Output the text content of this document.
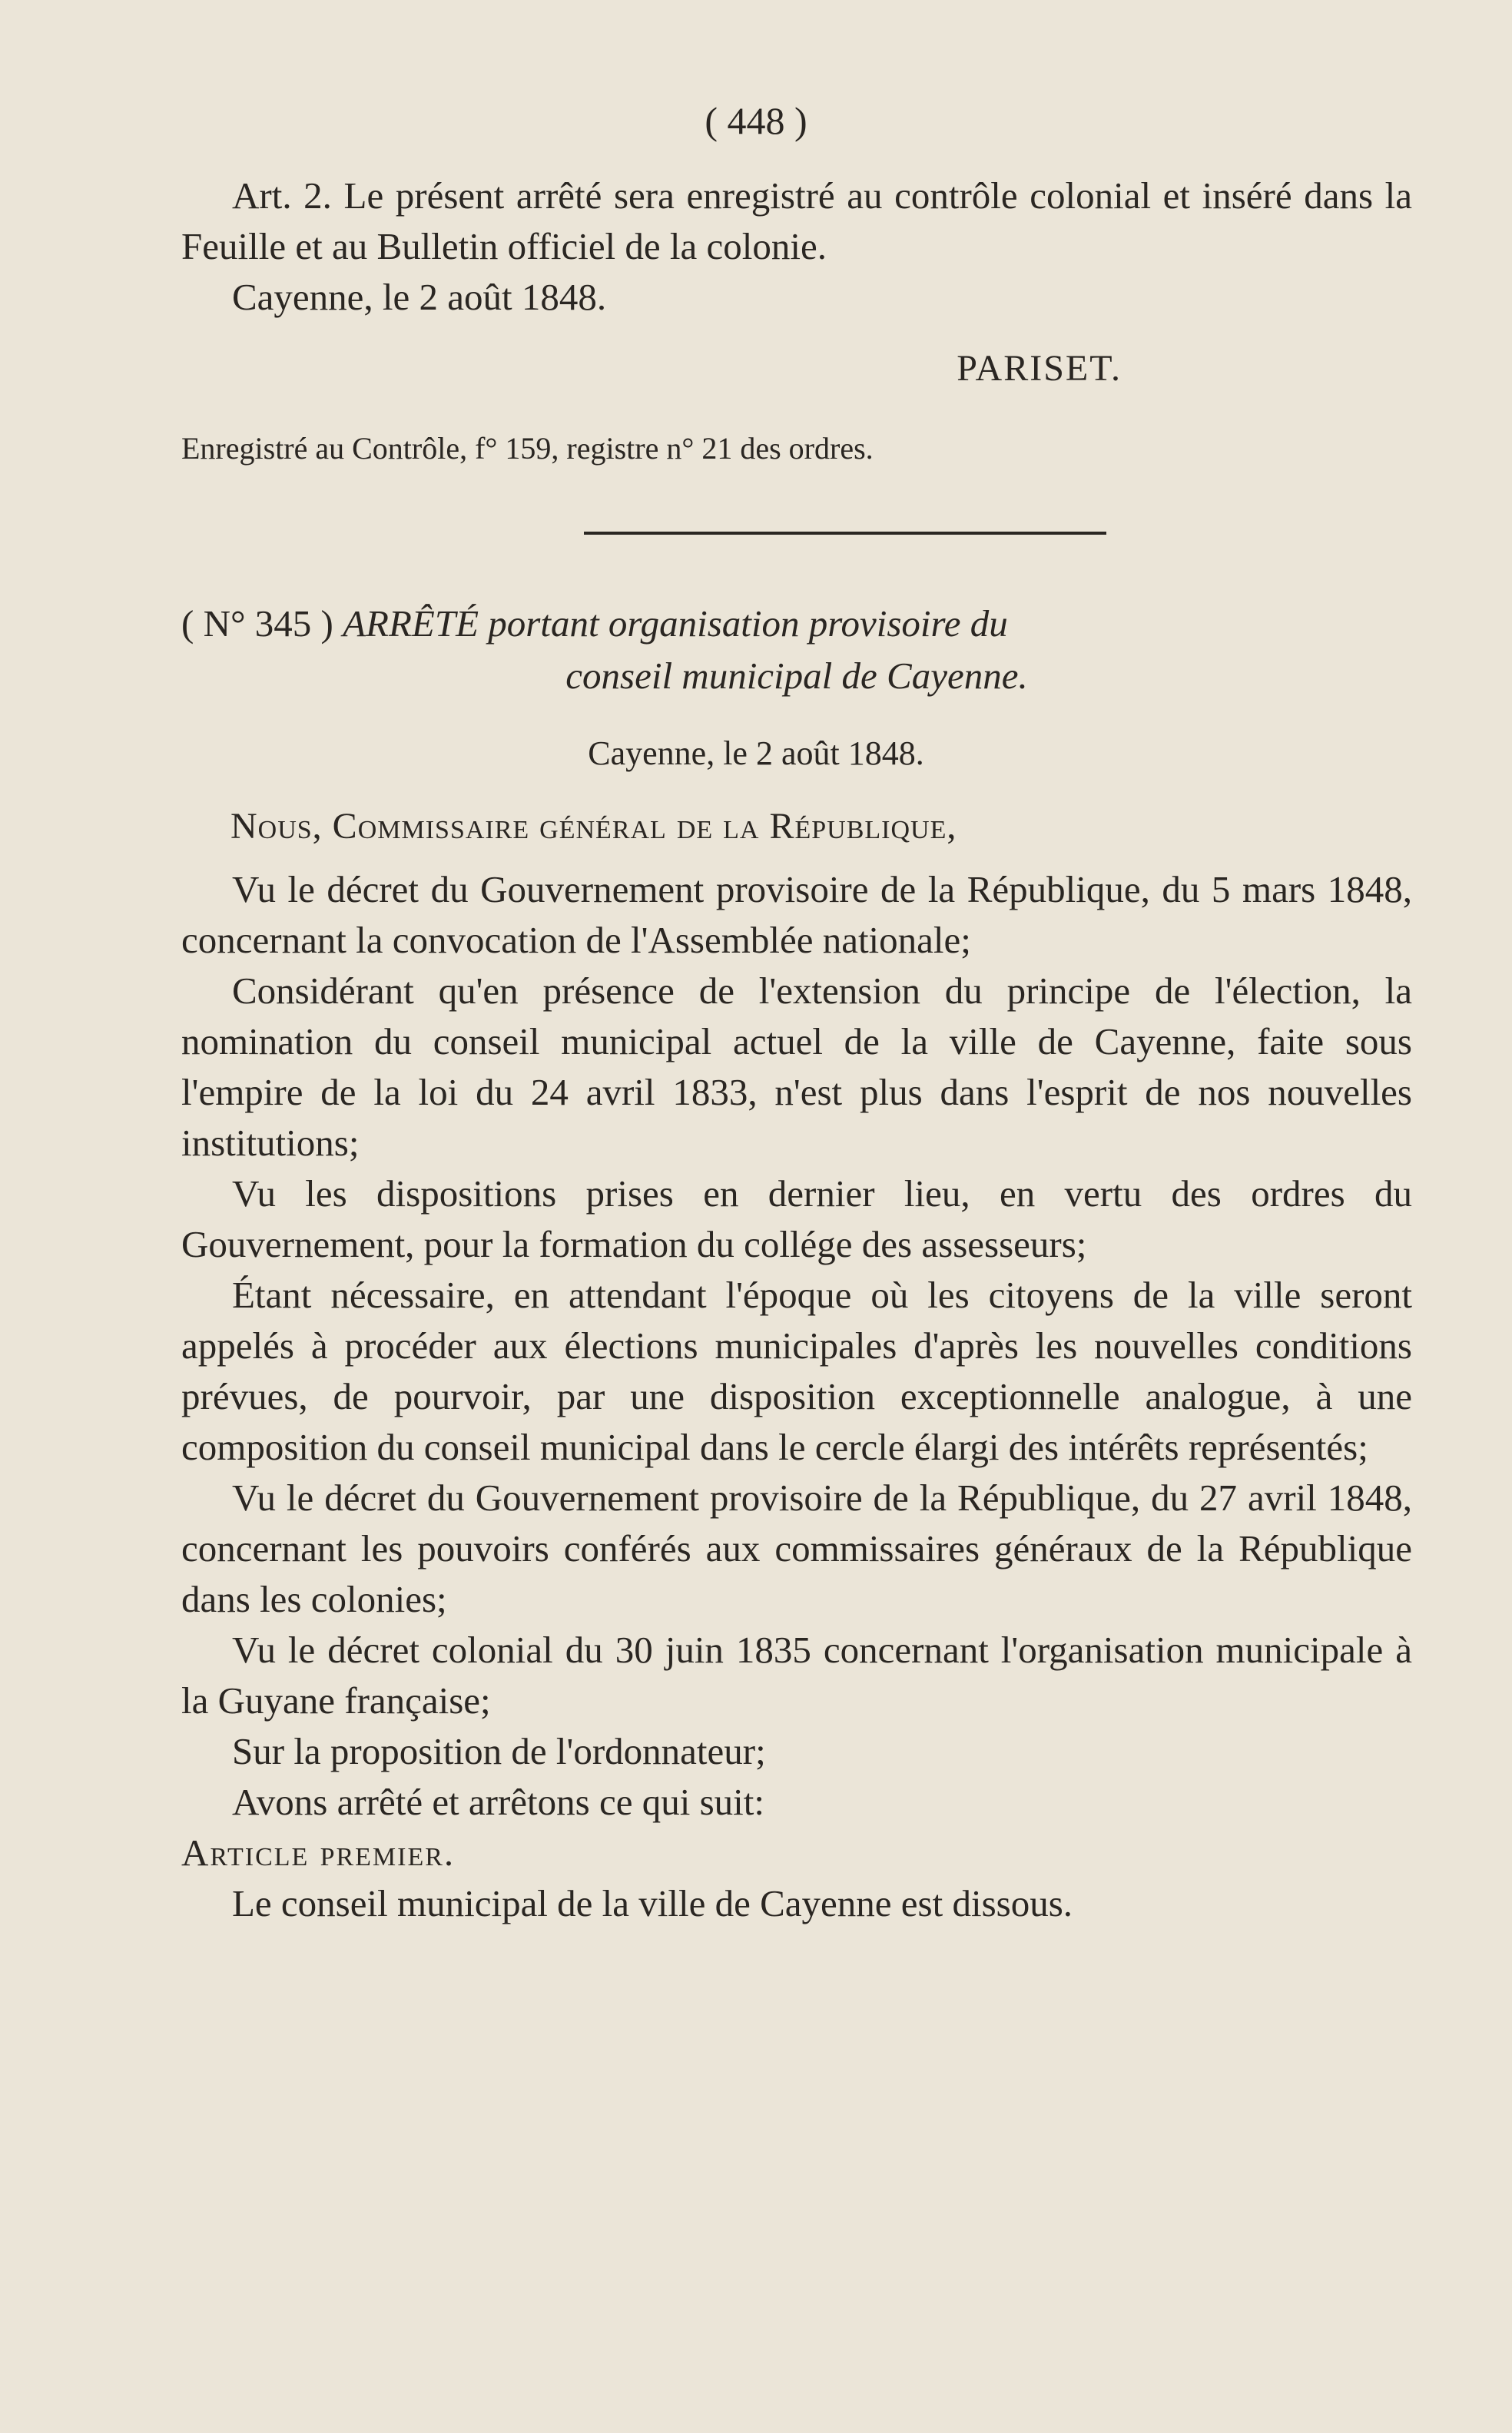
( 448 )

Art. 2. Le présent arrêté sera enregistré au contrôle colonial et inséré dans la Feuille et au Bulletin officiel de la colonie.

Cayenne, le 2 août 1848.

PARISET.
Enregistré au Contrôle, f° 159, registre n° 21 des ordres.
( N° 345 ) ARRÊTÉ portant organisation provisoire du
conseil municipal de Cayenne.
Cayenne, le 2 août 1848.
Nous, Commissaire général de la République,

Vu le décret du Gouvernement provisoire de la République, du 5 mars 1848, concernant la convocation de l'Assemblée nationale;

Considérant qu'en présence de l'extension du principe de l'élection, la nomination du conseil municipal actuel de la ville de Cayenne, faite sous l'empire de la loi du 24 avril 1833, n'est plus dans l'esprit de nos nouvelles institutions;

Vu les dispositions prises en dernier lieu, en vertu des ordres du Gouvernement, pour la formation du collége des assesseurs;

Étant nécessaire, en attendant l'époque où les citoyens de la ville seront appelés à procéder aux élections municipales d'après les nouvelles conditions prévues, de pourvoir, par une disposition exceptionnelle analogue, à une composition du conseil municipal dans le cercle élargi des intérêts représentés;

Vu le décret du Gouvernement provisoire de la République, du 27 avril 1848, concernant les pouvoirs conférés aux commissaires généraux de la République dans les colonies;

Vu le décret colonial du 30 juin 1835 concernant l'organisation municipale à la Guyane française;

Sur la proposition de l'ordonnateur;

Avons arrêté et arrêtons ce qui suit:

Article premier.

Le conseil municipal de la ville de Cayenne est dissous.
